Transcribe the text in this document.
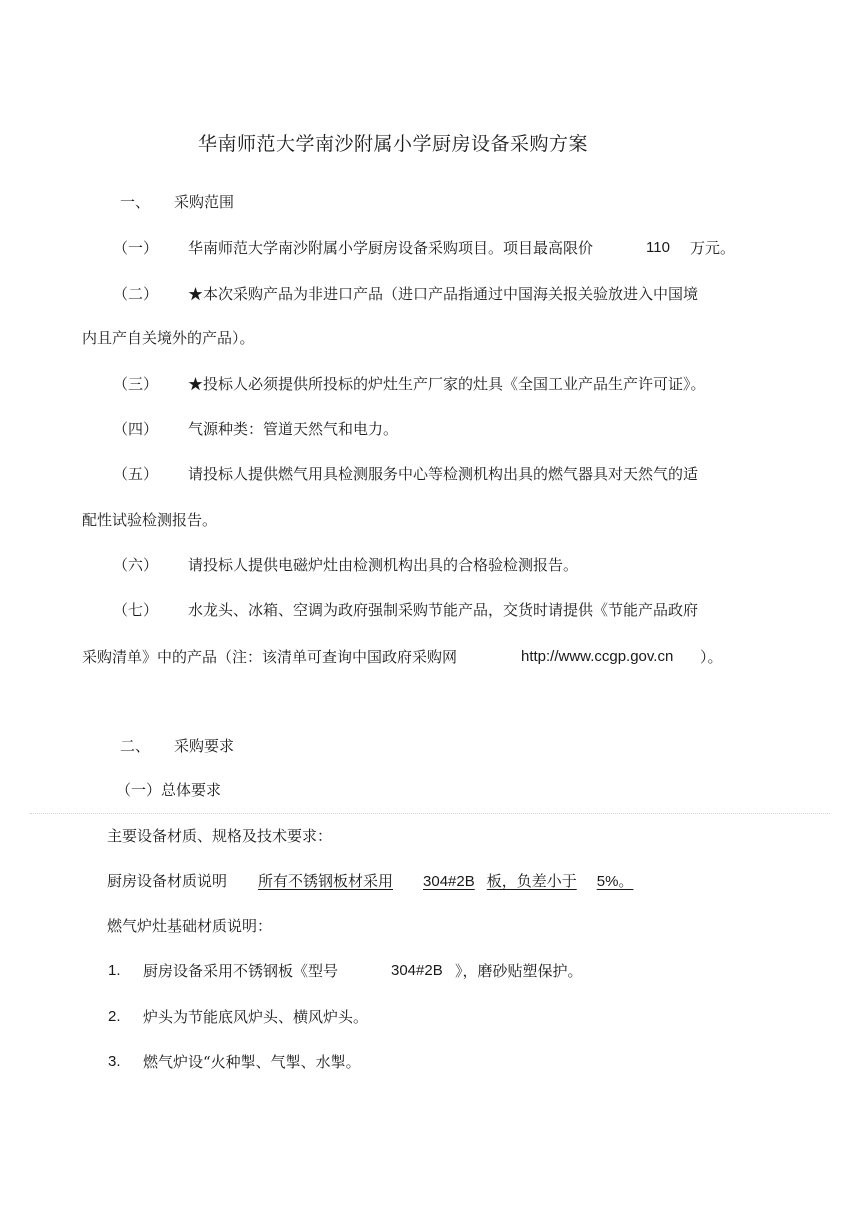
华南师范大学南沙附属小学厨房设备采购方案
一、 采购范围
（一） 华南师范大学南沙附属小学厨房设备采购项目。项目最高限价	110 万元。
（二） ★本次采购产品为非进口产品（进口产品指通过中国海关报关验放进入中国境
内且产自关境外的产品）。
（三） ★投标人必须提供所投标的炉灶生产厂家的灶具《全国工业产品生产许可证》。
（四） 气源种类：管道天然气和电力。
（五） 请投标人提供燃气用具检测服务中心等检测机构出具的燃气器具对天然气的适
配性试验检测报告。
（六） 请投标人提供电磁炉灶由检测机构出具的合格验检测报告。
（七） 水龙头、冰箱、空调为政府强制采购节能产品，交货时请提供《节能产品政府
采购清单》中的产品（注：该清单可查询中国政府采购网	http://www.ccgp.gov.cn ）。
二、 采购要求
（一）总体要求
主要设备材质、规格及技术要求：
厨房设备材质说明 所有不锈钢板材采用 304#2B 板，负差小于 5%。
燃气炉灶基础材质说明：
1. 厨房设备采用不锈钢板《型号	304#2B 》，磨砂贴塑保护。
2. 炉头为节能底风炉头、横风炉头。
3. 燃气炉设“火种掣、气掣、水掣。
